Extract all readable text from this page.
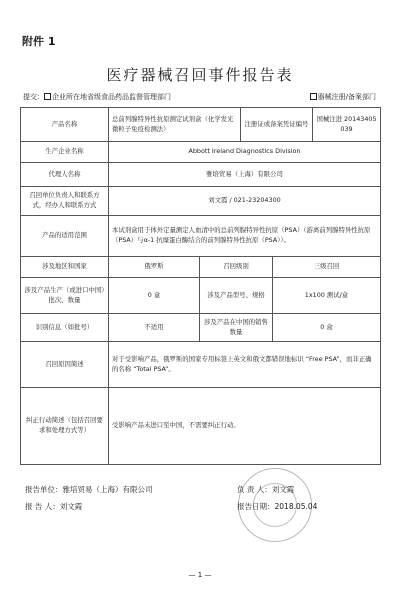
附件 1
医疗器械召回事件报告表
提交： 企业所在地省级食品药品监督管理部门	器械注册/备案部门
产品名称	总前列腺特异性抗原测定试剂盒（化学发光微粒子免疫检测法）		注册证或备案凭证编号		国械注进 20143405039
生产企业名称	Abbott Ireland Diagnostics Division				
代理人名称	雅培贸易（上海）有限公司				
召回单位负责人和联系方式，经办人和联系方式	刘文霞 / 021-23204300				
产品的适用范围	本试剂盒用于体外定量测定人血清中的总前列腺特异性抗原（PSA）（游离前列腺特异性抗原（PSA）与α-1 抗糜蛋白酶结合的前列腺特异性抗原（PSA））。				
涉及地区和国家	俄罗斯	召回级别		三级召回	
涉及产品生产（或进口中国）批次、数量	0 盒	涉及产品型号、规格		1x100 测试/盒	
识别信息（如批号）	不适用	涉及产品在中国的销售数量		0 盒	
召回原因简述	对于受影响产品，俄罗斯的国家专用标签上英文和俄文都错误地标识 “Free PSA”，而非正确的名称 “Total PSA”。				
纠正行动简述（包括召回要求和处理方式等）	受影响产品未进口至中国，不需要纠正行动。				
报告单位：雅培贸易（上海）有限公司
报 告 人：刘文霞
负 责 人：刘文霞
报告日期：2018.05.04
— 1 —
